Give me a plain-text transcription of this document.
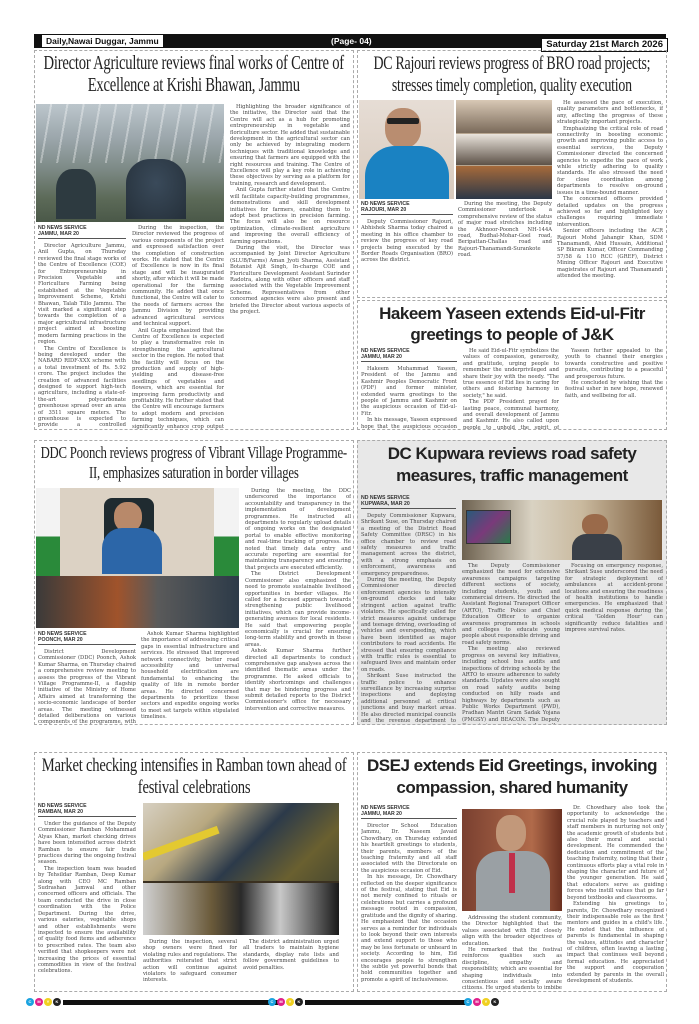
Daily,Nawai Duggar, Jammu	(Page- 04)	Saturday 21st March 2026
Director Agriculture reviews final works of Centre of Excellence at Krishi Bhawan, Jammu
ND NEWS SERVICE
JAMMU, MAR 20

Director Agriculture Jammu, Anil Gupta, on Thursday reviewed the final stage works of the Centre of Excellence (COE) for Entrepreneurship in Precision Vegetable and Floriculture Farming being established at the Vegetable Improvement Scheme, Krishi Bhawan, Talab Tillo Jammu. The visit marked a significant step towards the completion of a major agricultural infrastructure project aimed at boosting modern farming practices in the region.

The Centre of Excellence is being developed under the NABARD RIDF-XXX scheme with a total investment of Rs. 5.92 crore. The project includes the creation of advanced facilities designed to support high-tech agriculture, including a state-of-the-art polycarbonate greenhouse spread over an area of 3511 square meters. The greenhouse is expected to provide a controlled

During the inspection, the Director reviewed the progress of various components of the project and expressed satisfaction over the completion of construction works. He stated that the Centre of Excellence is now in its final stage and will be inaugurated shortly, after which it will be made operational for the farming community. He added that once functional, the Centre will cater to the needs of farmers across the Jammu Division by providing advanced agricultural services and technical support.

Anil Gupta emphasized that the Centre of Excellence is expected to play a transformative role in strengthening the agricultural sector in the region. He noted that the facility will focus on the production and supply of high-yielding and disease-free seedlings of vegetables and flowers, which are essential for improving farm productivity and profitability. He further stated that the Centre will encourage farmers to adopt modern and precision farming techniques, which can significantly enhance crop output

Highlighting the broader significance of the initiative, the Director said that the Centre will act as a hub for promoting entrepreneurship in vegetable and floriculture sector. He added that sustainable development in the agricultural sector can only be achieved by integrating modern techniques with traditional knowledge and ensuring that farmers are equipped with the right resources and training. The Centre of Excellence will play a key role in achieving these objectives by serving as a platform for training, research and development.

Anil Gupta further stated that the Centre will facilitate capacity-building programmes, demonstrations and skill development initiatives for farmers, enabling them to adopt best practices in precision farming. The focus will also be on resource optimization, climate-resilient agriculture and improving the overall efficiency of farming operations.

During the visit, the Director was accompanied by Joint Director Agriculture (SLUB/Farms) Aman Jyoti Sharma, Assistant Botanist Ajit Singh, In-charge COE and Floriculture Development Assistant Surinder Radotra, along with other officers and staff associated with the Vegetable Improvement Scheme. Representatives from other concerned agencies were also present and briefed the Director about various aspects of the project.

DC Rajouri reviews progress of BRO road projects; stresses timely completion, quality execution
ND NEWS SERVICE
RAJOURI, MAR 20

Deputy Commissioner Rajouri, Abhishek Sharma today chaired a meeting in his office chamber to review the progress of key road projects being executed by the Border Roads Organisation (BRO) across the district.

During the meeting, the Deputy Commissioner undertook a comprehensive review of the status of major road stretches including the Akhnoor-Poonch NH-144A road, Budhal-Mohar-Goel road, Beripattan-Challas road and Rajouri-Thanamandi-Surankote road.

He assessed the pace of execution, quality parameters and bottlenecks, if any, affecting the progress of these strategically important projects.

Emphasizing the critical role of road connectivity in boosting economic growth and improving public access to essential services, the Deputy Commissioner directed the concerned agencies to expedite the pace of work while strictly adhering to quality standards. He also stressed the need for close coordination among departments to resolve on-ground issues in a time-bound manner.

The concerned officers provided detailed updates on the progress achieved so far and highlighted key challenges requiring immediate intervention.

Senior officers including the ACR Rajouri Mohd Jahangir Khan, SDM Thanamandi, Abid Hussain, Additional SP Bikram Kumar, Officer Commanding 57/58 & 110 RCC (GREF), District Mining Officer Rajouri and Executive magistrates of Rajouri and Thanamandi attended the meeting.

Hakeem Yaseen extends Eid-ul-Fitr greetings to people of J&K
ND NEWS SERVICE
JAMMU, MAR 20

Hakeem Muhammad Yaseen, President of the Jammu and Kashmir Peoples Democratic Front (PDF) and former minister, extended warm greetings to the people of Jammu and Kashmir on the auspicious occasion of Eid-ul-Fitr.

In his message, Yaseen expressed hope that the auspicious occasion

He said Eid-ul-Fitr symbolizes the values of compassion, generosity, and gratitude, urging people to remember the underprivileged and share their joy with the needy. "The true essence of Eid lies in caring for others and fostering harmony in society," he said.

The PDF President prayed for lasting peace, communal harmony, and overall development of Jammu and Kashmir. He also called upon people to uphold the spirit of

Yaseen further appealed to the youth to channel their energies towards constructive and positive pursuits, contributing to a peaceful and prosperous future.

He concluded by wishing that the festival usher in new hope, renewed faith, and wellbeing for all.

DDC Poonch reviews progress of Vibrant Village Programme-II, emphasizes saturation in border villages
ND NEWS SERVICE
POONCH, MAR 20

District Development Commissioner (DDC) Poonch, Ashok Kumar Sharma, on Thursday chaired a comprehensive review meeting to assess the progress of the Vibrant Village Programme-II, a flagship initiative of the Ministry of Home Affairs aimed at transforming the socio-economic landscape of border areas. The meeting witnessed detailed deliberations on various components of the programme, with

Ashok Kumar Sharma highlighted the importance of addressing critical gaps in essential infrastructure and services. He stressed that improved network connectivity, better road accessibility and universal household electrification are fundamental to enhancing the quality of life in remote border areas. He directed concerned departments to prioritize these sectors and expedite ongoing works to meet set targets within stipulated timelines.

During the meeting, the DDC underscored the importance of accountability and transparency in the implementation of development programmes. He instructed all departments to regularly upload details of ongoing works on the designated portal to enable effective monitoring and real-time tracking of progress. He noted that timely data entry and accurate reporting are essential for maintaining transparency and ensuring that projects are executed efficiently.

The District Development Commissioner also emphasized the need to promote sustainable livelihood opportunities in border villages. He called for a focused approach towards strengthening public livelihood initiatives, which can provide income-generating avenues for local residents. He said that empowering people economically is crucial for ensuring long-term stability and growth in these areas.

Ashok Kumar Sharma further directed all departments to conduct comprehensive gap analyses across the identified thematic areas under the programme. He asked officials to identify shortcomings and challenges that may be hindering progress and submit detailed reports to the District Commissioner's office for necessary intervention and corrective measures.

DC Kupwara reviews road safety measures, traffic management
ND NEWS SERVICE
KUPWARA, MAR 20

Deputy Commissioner Kupwara, Shrikant Suse, on Thursday chaired a meeting of the District Road Safety Committee (DRSC) in his office chamber to review road safety measures and traffic management across the district, with a strong emphasis on enforcement, awareness and emergency preparedness.

During the meeting, the Deputy Commissioner directed enforcement agencies to intensify on-ground checks and take stringent action against traffic violators. He specifically called for strict measures against underage and teenage driving, overloading of vehicles and overspeeding, which have been identified as major contributors to road accidents. He stressed that ensuring compliance with traffic rules is essential to safeguard lives and maintain order on roads.

Shrikant Suse instructed the traffic police to enhance surveillance by increasing surprise inspections and deploying additional personnel at critical junctions and busy market areas. He also directed municipal councils and the revenue department to

The Deputy Commissioner emphasized the need for extensive awareness campaigns targeting different sections of society, including students, youth and commercial drivers. He directed the Assistant Regional Transport Officer (ARTO), Traffic Police and Chief Education Officer to organize awareness programmes in schools and colleges to educate young people about responsible driving and road safety norms.

The meeting also reviewed progress on several key initiatives, including school bus audits and inspections of driving schools by the ARTO to ensure adherence to safety standards. Updates were also sought on road safety audits being conducted on hilly roads and highways by departments such as Public Works Department (PWD), Pradhan Mantri Gram Sadak Yojana (PMGSY) and BEACON. The Deputy

Focusing on emergency response, Shrikant Suse underscored the need for strategic deployment of ambulances at accident-prone locations and ensuring the readiness of health institutions to handle emergencies. He emphasized that quick medical response during the critical 'Golden Hour' can significantly reduce fatalities and improve survival rates.

Market checking intensifies in Ramban town ahead of festival celebrations
ND NEWS SERVICE
RAMBAN, MAR 20

Under the guidance of the Deputy Commissioner Ramban Mohammad Alyas Khan, market checking drives have been intensified across district Ramban to ensure fair trade practices during the ongoing festival season.

The inspection team was headed by Tehsildar Ramban, Deep Kumar along with CEO MC Ramban Sudrashan Jamwal and other concerned officers and officials. The team conducted the drive in close coordination with the Police Department. During the drive, various eateries, vegetable shops and other establishments were inspected to ensure the availability of quality food items and adherence to prescribed rates. The team also verified that shopkeepers were not increasing the prices of essential commodities in view of the festival celebrations.

During the inspection, several shop owners were fined for violating rules and regulations. The authorities reiterated that strict action will continue against violators to safeguard consumer interests.

The district administration urged all traders to maintain hygiene standards, display rate lists and follow government guidelines to avoid penalties.

DSEJ extends Eid Greetings, invoking compassion, shared humanity
ND NEWS SERVICE
JAMMU, MAR 20

Director School Education Jammu, Dr. Naseem Javaid Chowdhary, on Thursday extended his heartfelt greetings to students, their parents, members of the teaching fraternity and all staff associated with the Directorate on the auspicious occasion of Eid.

In his message, Dr. Chowdhary reflected on the deeper significance of the festival, stating that Eid is not merely confined to rituals or celebrations but carries a profound message rooted in compassion, gratitude and the dignity of sharing. He emphasized that the occasion serves as a reminder for individuals to look beyond their own interests and extend support to those who may be less fortunate or unheard in society. According to him, Eid encourages people to strengthen the subtle yet powerful bonds that hold communities together and promote a spirit of inclusiveness.

Addressing the student community, the Director highlighted that the values associated with Eid closely align with the broader objectives of education.

He remarked that the festival reinforces qualities such as discipline, empathy and responsibility, which are essential for shaping individuals into conscientious and socially aware citizens. He urged students to imbibe

Dr. Chowdhary also took the opportunity to acknowledge the crucial role played by teachers and staff members in nurturing not only the academic growth of students but also their moral and social development. He commended the dedication and commitment of the teaching fraternity, noting that their continuous efforts play a vital role in shaping the character and future of the younger generation. He said that educators serve as guiding forces who instill values that go far beyond textbooks and classrooms.

Extending his greetings to parents, Dr. Chowdhary recognized their indispensable role as the first mentors and guides in a child's life. He noted that the influence of parents is fundamental in shaping the values, attitudes and character of children, often leaving a lasting impact that continues well beyond formal education. He appreciated the support and cooperation extended by parents in the overall development of students.

C	M	Y	K	C	M	Y	K	C	M	Y	K
